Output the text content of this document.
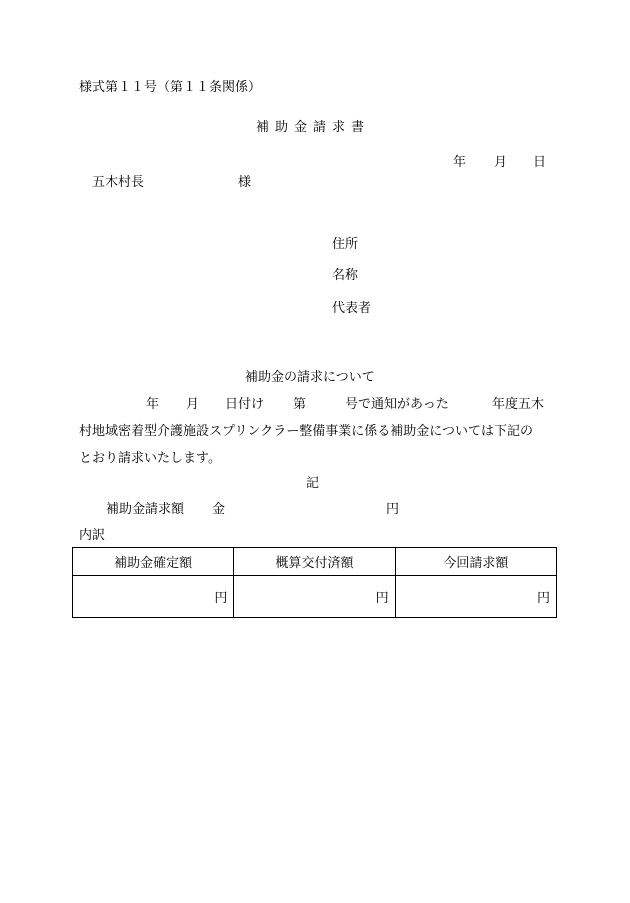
様式第１１号（第１１条関係）
補助金請求書
年 月 日
五木村長	様
住所
名称
代表者
補助金の請求について
年 月 日付け 第	号で通知があった	年度五木
村地域密着型介護施設スプリンクラー整備事業に係る補助金については下記の
とおり請求いたします。
記
補助金請求額 金	円
内訳
補助金確定額	概算交付済額	今回請求額
円	円	円
